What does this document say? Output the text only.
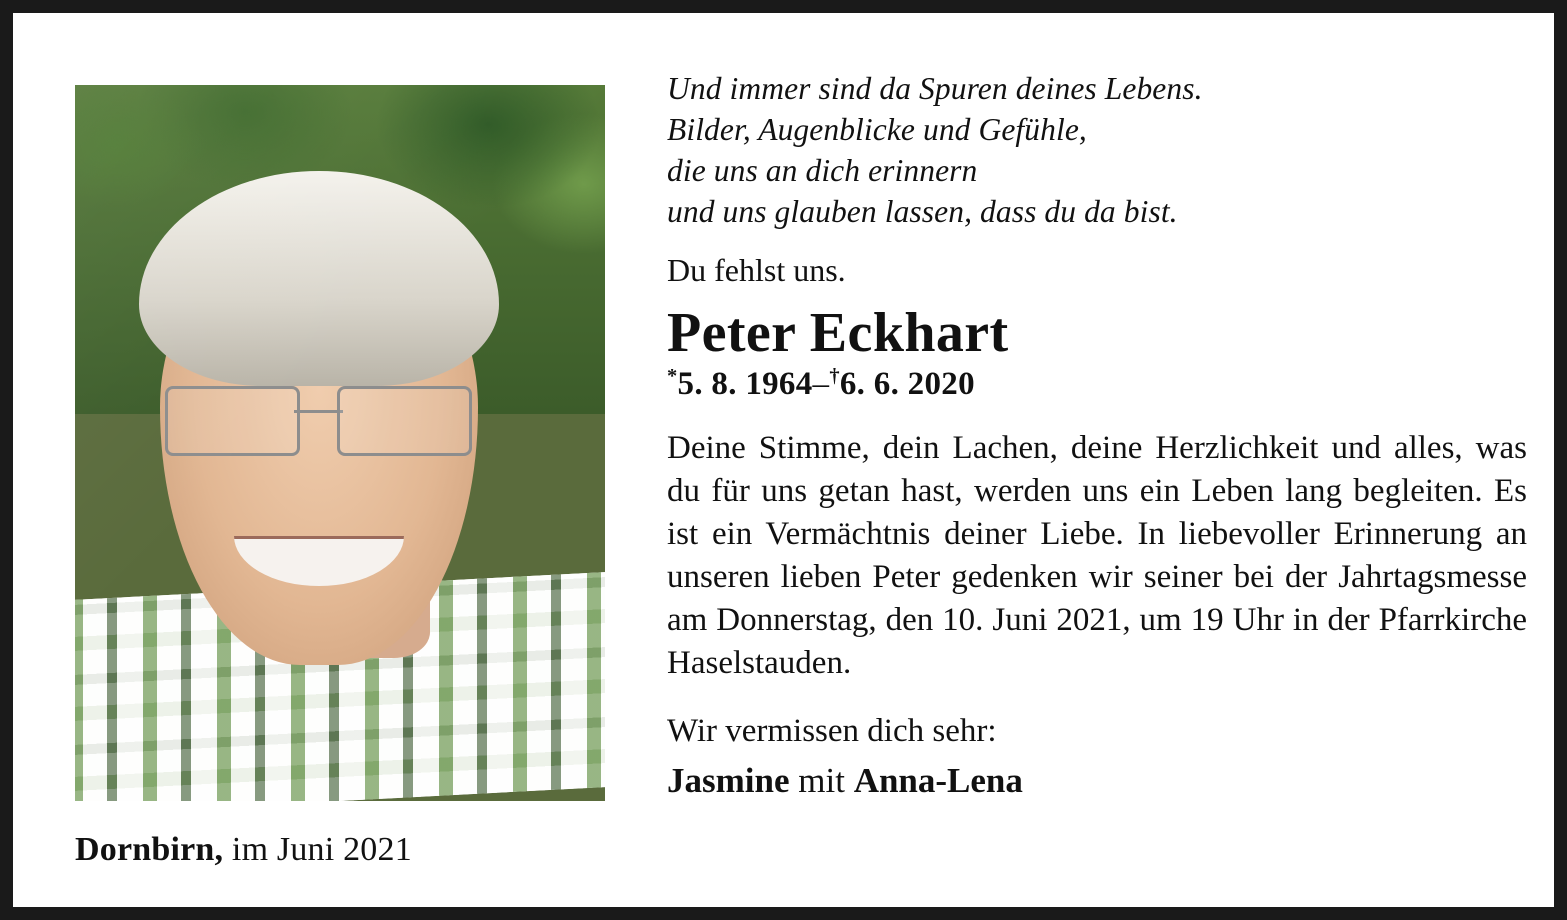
Dornbirn, im Juni 2021

Und immer sind da Spuren deines Lebens.
Bilder, Augenblicke und Gefühle,
die uns an dich erinnern
und uns glauben lassen, dass du da bist.

Du fehlst uns.

Peter Eckhart

*5. 8. 1964–†6. 6. 2020

Deine Stimme, dein Lachen, deine Herzlichkeit und alles, was du für uns getan hast, werden uns ein Leben lang begleiten. Es ist ein Vermächtnis deiner Liebe. In liebevoller Erinnerung an unseren lieben Peter gedenken wir seiner bei der Jahrtagsmesse am Donnerstag, den 10. Juni 2021, um 19 Uhr in der Pfarrkirche Haselstauden.

Wir vermissen dich sehr:

Jasmine mit Anna-Lena
